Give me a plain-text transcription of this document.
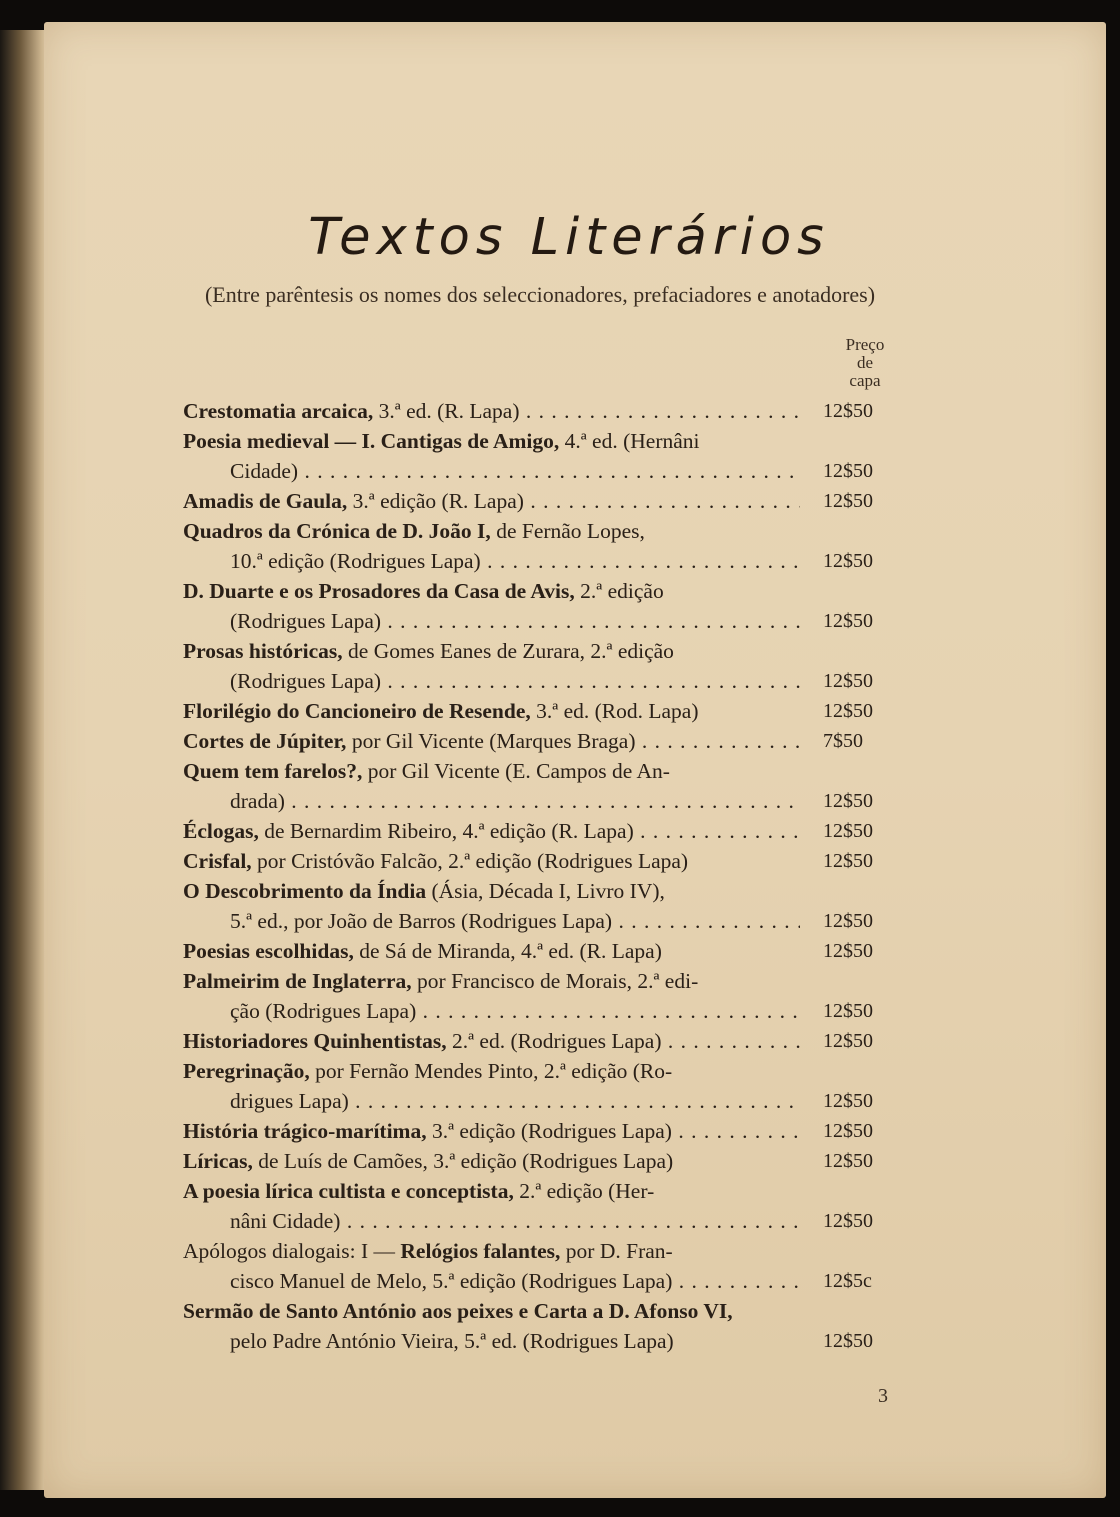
Textos Literários
(Entre parêntesis os nomes dos seleccionadores, prefaciadores e anotadores)
Preço
de
capa
Crestomatia arcaica, 3.ª ed. (R. Lapa) . . .	12$50
Poesia medieval — I. Cantigas de Amigo, 4.ª ed. (Hernâni
Cidade) . . .	12$50
Amadis de Gaula, 3.ª edição (R. Lapa) . . .	12$50
Quadros da Crónica de D. João I, de Fernão Lopes,
10.ª edição (Rodrigues Lapa) . . .	12$50
D. Duarte e os Prosadores da Casa de Avis, 2.ª edição
(Rodrigues Lapa) . . .	12$50
Prosas históricas, de Gomes Eanes de Zurara, 2.ª edição
(Rodrigues Lapa) . . .	12$50
Florilégio do Cancioneiro de Resende, 3.ª ed. (Rod. Lapa)	12$50
Cortes de Júpiter, por Gil Vicente (Marques Braga) . . .	7$50
Quem tem farelos?, por Gil Vicente (E. Campos de An-
drada) . . .	12$50
Éclogas, de Bernardim Ribeiro, 4.ª edição (R. Lapa) . . .	12$50
Crisfal, por Cristóvão Falcão, 2.ª edição (Rodrigues Lapa)	12$50
O Descobrimento da Índia (Ásia, Década I, Livro IV),
5.ª ed., por João de Barros (Rodrigues Lapa) . . .	12$50
Poesias escolhidas, de Sá de Miranda, 4.ª ed. (R. Lapa)	12$50
Palmeirim de Inglaterra, por Francisco de Morais, 2.ª edi-
ção (Rodrigues Lapa) . . .	12$50
Historiadores Quinhentistas, 2.ª ed. (Rodrigues Lapa) . . .	12$50
Peregrinação, por Fernão Mendes Pinto, 2.ª edição (Ro-
drigues Lapa) . . .	12$50
História trágico-marítima, 3.ª edição (Rodrigues Lapa) . . .	12$50
Líricas, de Luís de Camões, 3.ª edição (Rodrigues Lapa)	12$50
A poesia lírica cultista e conceptista, 2.ª edição (Her-
nâni Cidade) . . .	12$50
Apólogos dialogais: I — Relógios falantes, por D. Fran-
cisco Manuel de Melo, 5.ª edição (Rodrigues Lapa) . . .	12$5c
Sermão de Santo António aos peixes e Carta a D. Afonso VI,
pelo Padre António Vieira, 5.ª ed. (Rodrigues Lapa)	12$50
3
